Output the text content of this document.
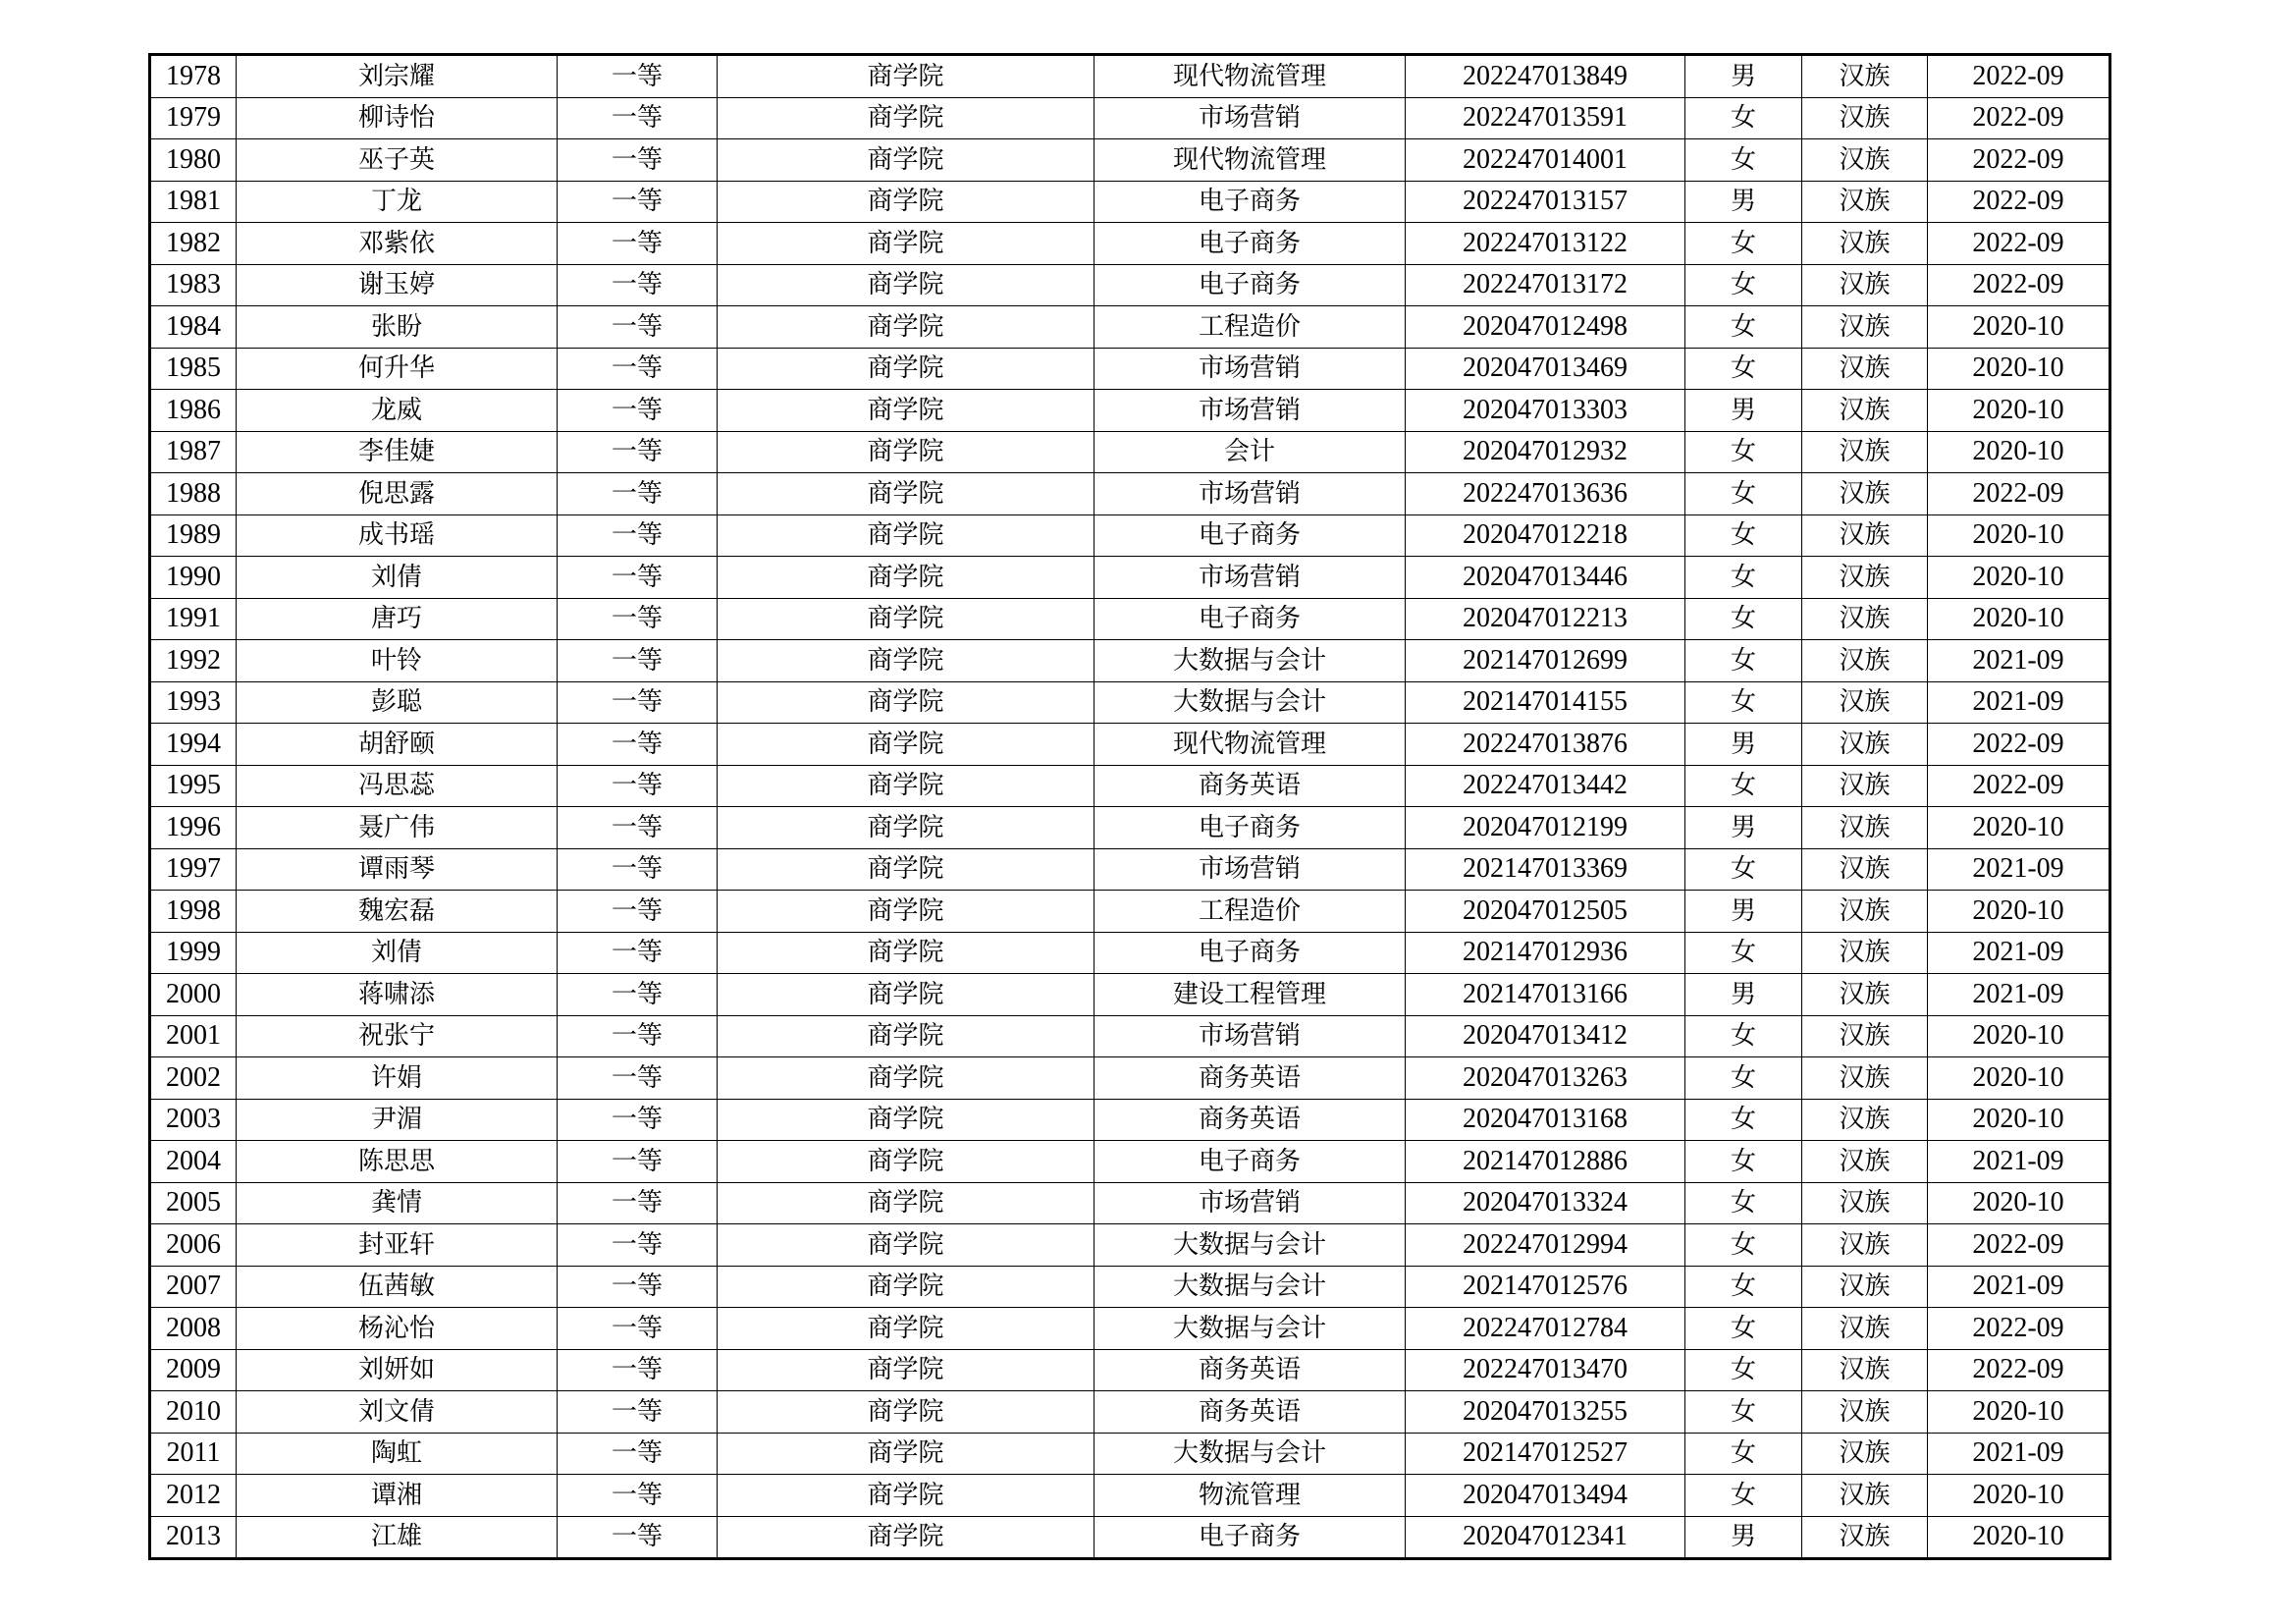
1978	刘宗耀	一等	商学院	现代物流管理	202247013849	男	汉族	2022-09
1979	柳诗怡	一等	商学院	市场营销	202247013591	女	汉族	2022-09
1980	巫子英	一等	商学院	现代物流管理	202247014001	女	汉族	2022-09
1981	丁龙	一等	商学院	电子商务	202247013157	男	汉族	2022-09
1982	邓紫依	一等	商学院	电子商务	202247013122	女	汉族	2022-09
1983	谢玉婷	一等	商学院	电子商务	202247013172	女	汉族	2022-09
1984	张盼	一等	商学院	工程造价	202047012498	女	汉族	2020-10
1985	何升华	一等	商学院	市场营销	202047013469	女	汉族	2020-10
1986	龙威	一等	商学院	市场营销	202047013303	男	汉族	2020-10
1987	李佳婕	一等	商学院	会计	202047012932	女	汉族	2020-10
1988	倪思露	一等	商学院	市场营销	202247013636	女	汉族	2022-09
1989	成书瑶	一等	商学院	电子商务	202047012218	女	汉族	2020-10
1990	刘倩	一等	商学院	市场营销	202047013446	女	汉族	2020-10
1991	唐巧	一等	商学院	电子商务	202047012213	女	汉族	2020-10
1992	叶铃	一等	商学院	大数据与会计	202147012699	女	汉族	2021-09
1993	彭聪	一等	商学院	大数据与会计	202147014155	女	汉族	2021-09
1994	胡舒颐	一等	商学院	现代物流管理	202247013876	男	汉族	2022-09
1995	冯思蕊	一等	商学院	商务英语	202247013442	女	汉族	2022-09
1996	聂广伟	一等	商学院	电子商务	202047012199	男	汉族	2020-10
1997	谭雨琴	一等	商学院	市场营销	202147013369	女	汉族	2021-09
1998	魏宏磊	一等	商学院	工程造价	202047012505	男	汉族	2020-10
1999	刘倩	一等	商学院	电子商务	202147012936	女	汉族	2021-09
2000	蒋啸添	一等	商学院	建设工程管理	202147013166	男	汉族	2021-09
2001	祝张宁	一等	商学院	市场营销	202047013412	女	汉族	2020-10
2002	许娟	一等	商学院	商务英语	202047013263	女	汉族	2020-10
2003	尹湄	一等	商学院	商务英语	202047013168	女	汉族	2020-10
2004	陈思思	一等	商学院	电子商务	202147012886	女	汉族	2021-09
2005	龚情	一等	商学院	市场营销	202047013324	女	汉族	2020-10
2006	封亚轩	一等	商学院	大数据与会计	202247012994	女	汉族	2022-09
2007	伍茜敏	一等	商学院	大数据与会计	202147012576	女	汉族	2021-09
2008	杨沁怡	一等	商学院	大数据与会计	202247012784	女	汉族	2022-09
2009	刘妍如	一等	商学院	商务英语	202247013470	女	汉族	2022-09
2010	刘文倩	一等	商学院	商务英语	202047013255	女	汉族	2020-10
2011	陶虹	一等	商学院	大数据与会计	202147012527	女	汉族	2021-09
2012	谭湘	一等	商学院	物流管理	202047013494	女	汉族	2020-10
2013	江雄	一等	商学院	电子商务	202047012341	男	汉族	2020-10
